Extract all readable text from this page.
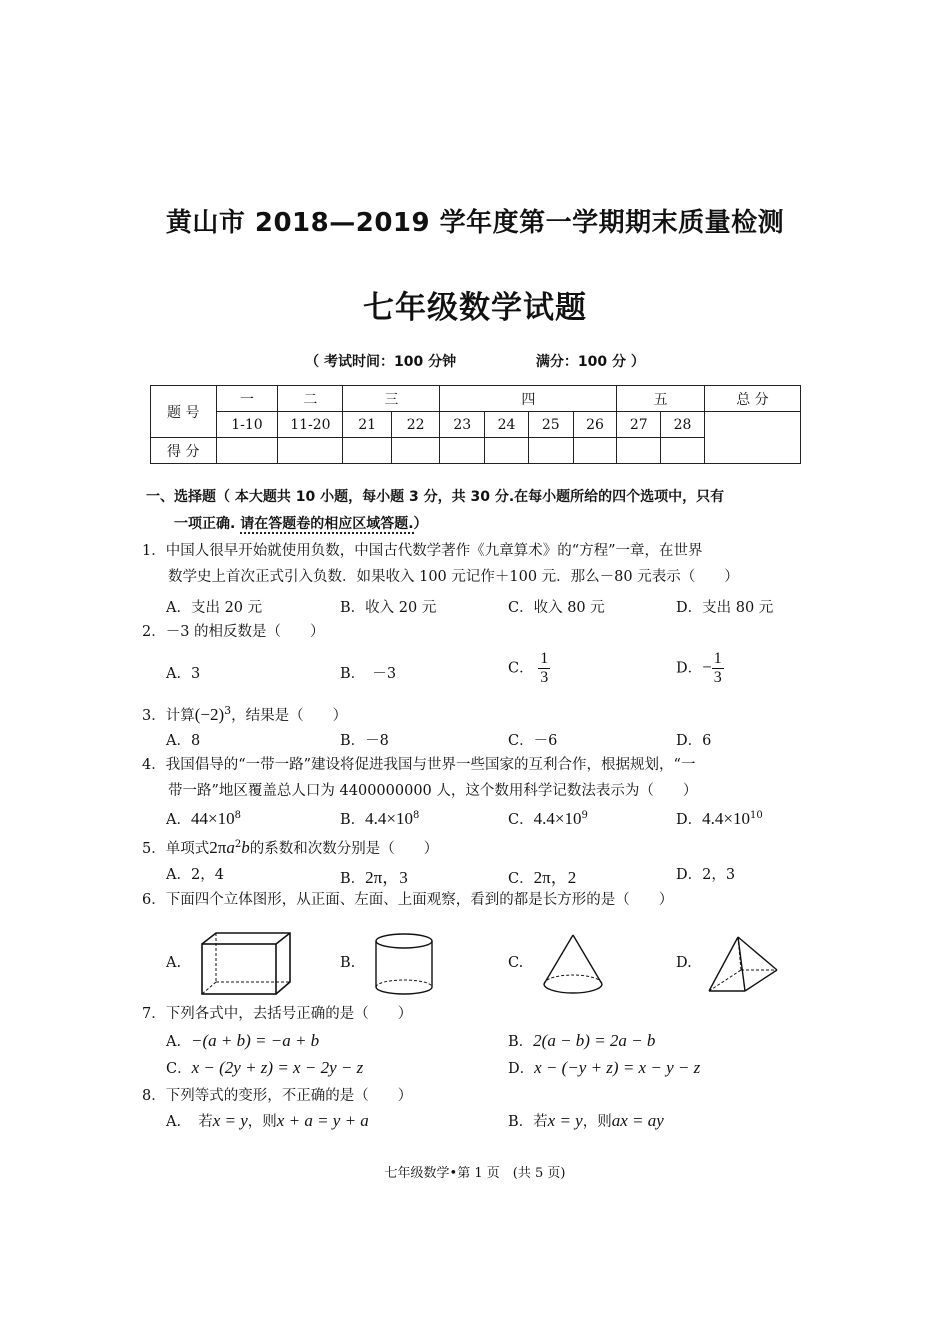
黄山市 2018—2019 学年度第一学期期末质量检测
七年级数学试题
（ 考试时间：100 分钟	满分：100 分 ）
题 号	一	二	三		四				五		总 分
	1-10	11-20	21	22	23	24	25	26	27	28	
得 分											
一、选择题（ 本大题共 10 小题，每小题 3 分，共 30 分.在每小题所给的四个选项中，只有
一项正确. 请在答题卷的相应区域答题.）
1．中国人很早开始就使用负数，中国古代数学著作《九章算术》的“方程”一章，在世界
数学史上首次正式引入负数．如果收入 100 元记作＋100 元．那么－80 元表示（　　）
A．支出 20 元	B．收入 20 元	C．收入 80 元	D．支出 80 元
2．－3 的相反数是（　　）
A．3	B．　－3	C． $\frac{1}{3}$	D．− $\frac{1}{3}$
3．计算$(-2)^3$，结果是（　　）
A．8	B．－8	C．－6	D．6
4．我国倡导的“一带一路”建设将促进我国与世界一些国家的互利合作，根据规划，“一
带一路”地区覆盖总人口为 4400000000 人，这个数用科学记数法表示为（　　）
A．$44\times 10^8$	B．$4.4\times 10^8$	C．$4.4\times 10^9$	D．$4.4\times 10^{10}$
5．单项式$2\pi a^2b$的系数和次数分别是（　　）
A．2，4	B．2π，3	C．2π，2	D．2，3
6．下面四个立体图形，从正面、左面、上面观察，看到的都是长方形的是（　　）
A.	B.	C.	D.
7．下列各式中，去括号正确的是（　　）
A．−(a + b) = −a + b	B．2(a − b) = 2a − b
C．x − (2y + z) = x − 2y − z	D．x − (−y + z) = x − y − z
8．下列等式的变形，不正确的是（　　）
A．　若x = y，则x + a = y + a	B．若x = y，则ax = ay
七年级数学•第 1 页　(共 5 页)
